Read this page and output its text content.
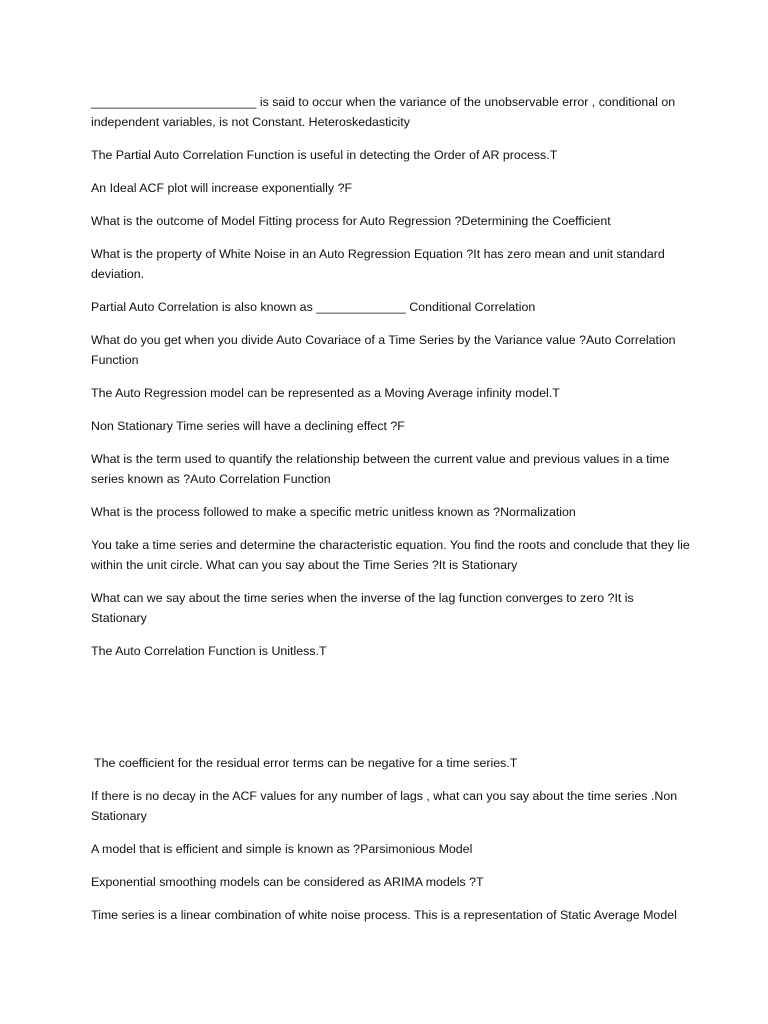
________________________ is said to occur when the variance of the unobservable error , conditional on independent variables, is not Constant. Heteroskedasticity

The Partial Auto Correlation Function is useful in detecting the Order of AR process.T

An Ideal ACF plot will increase exponentially ?F

What is the outcome of Model Fitting process for Auto Regression ?Determining the Coefficient

What is the property of White Noise in an Auto Regression Equation ?It has zero mean and unit standard deviation.

Partial Auto Correlation is also known as _____________ Conditional Correlation

What do you get when you divide Auto Covariace of a Time Series by the Variance value ?Auto Correlation Function

The Auto Regression model can be represented as a Moving Average infinity model.T

Non Stationary Time series will have a declining effect ?F

What is the term used to quantify the relationship between the current value and previous values in a time series known as ?Auto Correlation Function

What is the process followed to make a specific metric unitless known as ?Normalization

You take a time series and determine the characteristic equation. You find the roots and conclude that they lie within the unit circle. What can you say about the Time Series ?It is Stationary

What can we say about the time series when the inverse of the lag function converges to zero ?It is Stationary

The Auto Correlation Function is Unitless.T

The coefficient for the residual error terms can be negative for a time series.T

If there is no decay in the ACF values for any number of lags , what can you say about the time series .Non Stationary

A model that is efficient and simple is known as ?Parsimonious Model

Exponential smoothing models can be considered as ARIMA models ?T

Time series is a linear combination of white noise process. This is a representation of Static Average Model
